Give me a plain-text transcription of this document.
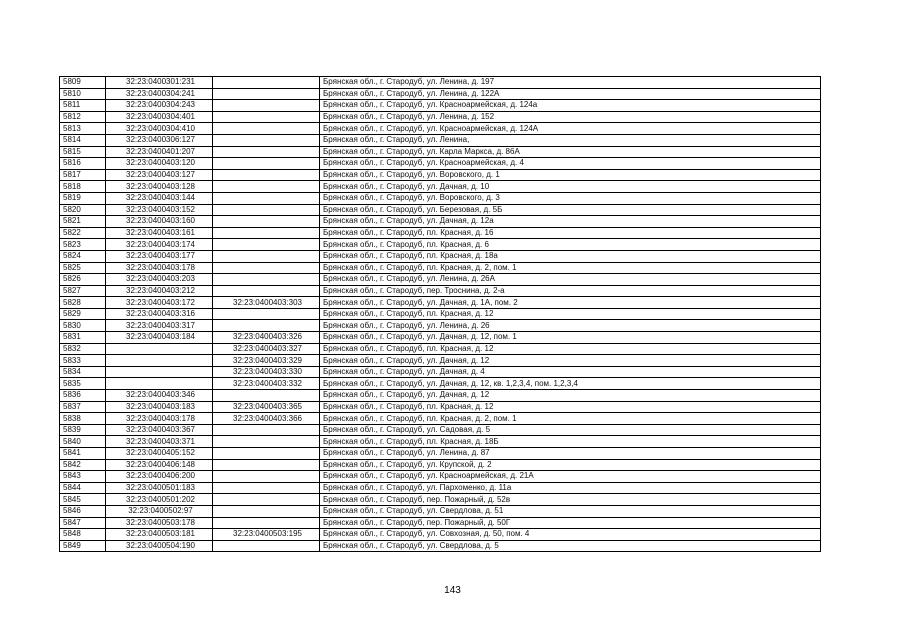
5809	32:23:0400301:231		Брянская обл., г. Стародуб, ул. Ленина, д. 197
5810	32:23:0400304:241		Брянская обл., г. Стародуб, ул. Ленина, д. 122А
5811	32:23:0400304:243		Брянская обл., г. Стародуб, ул. Красноармейская, д. 124а
5812	32:23:0400304:401		Брянская обл., г. Стародуб, ул. Ленина, д. 152
5813	32:23:0400304:410		Брянская обл., г. Стародуб, ул. Красноармейская, д. 124А
5814	32:23:0400306:127		Брянская обл., г. Стародуб, ул. Ленина,
5815	32:23:0400401:207		Брянская обл., г. Стародуб, ул. Карла Маркса, д. 86А
5816	32:23:0400403:120		Брянская обл., г. Стародуб, ул. Красноармейская, д. 4
5817	32:23:0400403:127		Брянская обл., г. Стародуб, ул. Воровского, д. 1
5818	32:23:0400403:128		Брянская обл., г. Стародуб, ул. Дачная, д. 10
5819	32:23:0400403:144		Брянская обл., г. Стародуб, ул. Воровского, д. 3
5820	32:23:0400403:152		Брянская обл., г. Стародуб, ул. Березовая, д. 5Б
5821	32:23:0400403:160		Брянская обл., г. Стародуб, ул. Дачная, д. 12а
5822	32:23:0400403:161		Брянская обл., г. Стародуб, пл. Красная, д. 16
5823	32:23:0400403:174		Брянская обл., г. Стародуб, пл. Красная, д. 6
5824	32:23:0400403:177		Брянская обл., г. Стародуб, пл. Красная, д. 18а
5825	32:23:0400403:178		Брянская обл., г. Стародуб, пл. Красная, д. 2, пом. 1
5826	32:23:0400403:203		Брянская обл., г. Стародуб, ул. Ленина, д. 26А
5827	32:23:0400403:212		Брянская обл., г. Стародуб, пер. Троснина, д. 2-а
5828	32:23:0400403:172	32:23:0400403:303	Брянская обл., г. Стародуб, ул. Дачная, д. 1А, пом. 2
5829	32:23:0400403:316		Брянская обл., г. Стародуб, пл. Красная, д. 12
5830	32:23:0400403:317		Брянская обл., г. Стародуб, ул. Ленина, д. 26
5831	32:23:0400403:184	32:23:0400403:326	Брянская обл., г. Стародуб, ул. Дачная, д. 12, пом. 1
5832		32:23:0400403:327	Брянская обл., г. Стародуб, пл. Красная, д. 12
5833		32:23:0400403:329	Брянская обл., г. Стародуб, ул. Дачная, д. 12
5834		32:23:0400403:330	Брянская обл., г. Стародуб, ул. Дачная, д. 4
5835		32:23:0400403:332	Брянская обл., г. Стародуб, ул. Дачная, д. 12, кв. 1,2,3,4, пом. 1,2,3,4
5836	32:23:0400403:346		Брянская обл., г. Стародуб, ул. Дачная, д. 12
5837	32:23:0400403:183	32:23:0400403:365	Брянская обл., г. Стародуб, пл. Красная, д. 12
5838	32:23:0400403:178	32:23:0400403:366	Брянская обл., г. Стародуб, пл. Красная, д. 2, пом. 1
5839	32:23:0400403:367		Брянская обл., г. Стародуб, ул. Садовая, д. 5
5840	32:23:0400403:371		Брянская обл., г. Стародуб, пл. Красная, д. 18Б
5841	32:23:0400405:152		Брянская обл., г. Стародуб, ул. Ленина, д. 87
5842	32:23:0400406:148		Брянская обл., г. Стародуб, ул. Крупской, д. 2
5843	32:23:0400406:200		Брянская обл., г. Стародуб, ул. Красноармейская, д. 21А
5844	32:23:0400501:183		Брянская обл., г. Стародуб, ул. Пархоменко, д. 11а
5845	32:23:0400501:202		Брянская обл., г. Стародуб, пер. Пожарный, д. 52в
5846	32:23:0400502:97		Брянская обл., г. Стародуб, ул. Свердлова, д. 51
5847	32:23:0400503:178		Брянская обл., г. Стародуб, пер. Пожарный, д. 50Г
5848	32:23:0400503:181	32:23:0400503:195	Брянская обл., г. Стародуб, ул. Совхозная, д. 50, пом. 4
5849	32:23:0400504:190		Брянская обл., г. Стародуб, ул. Свердлова, д. 5
143
